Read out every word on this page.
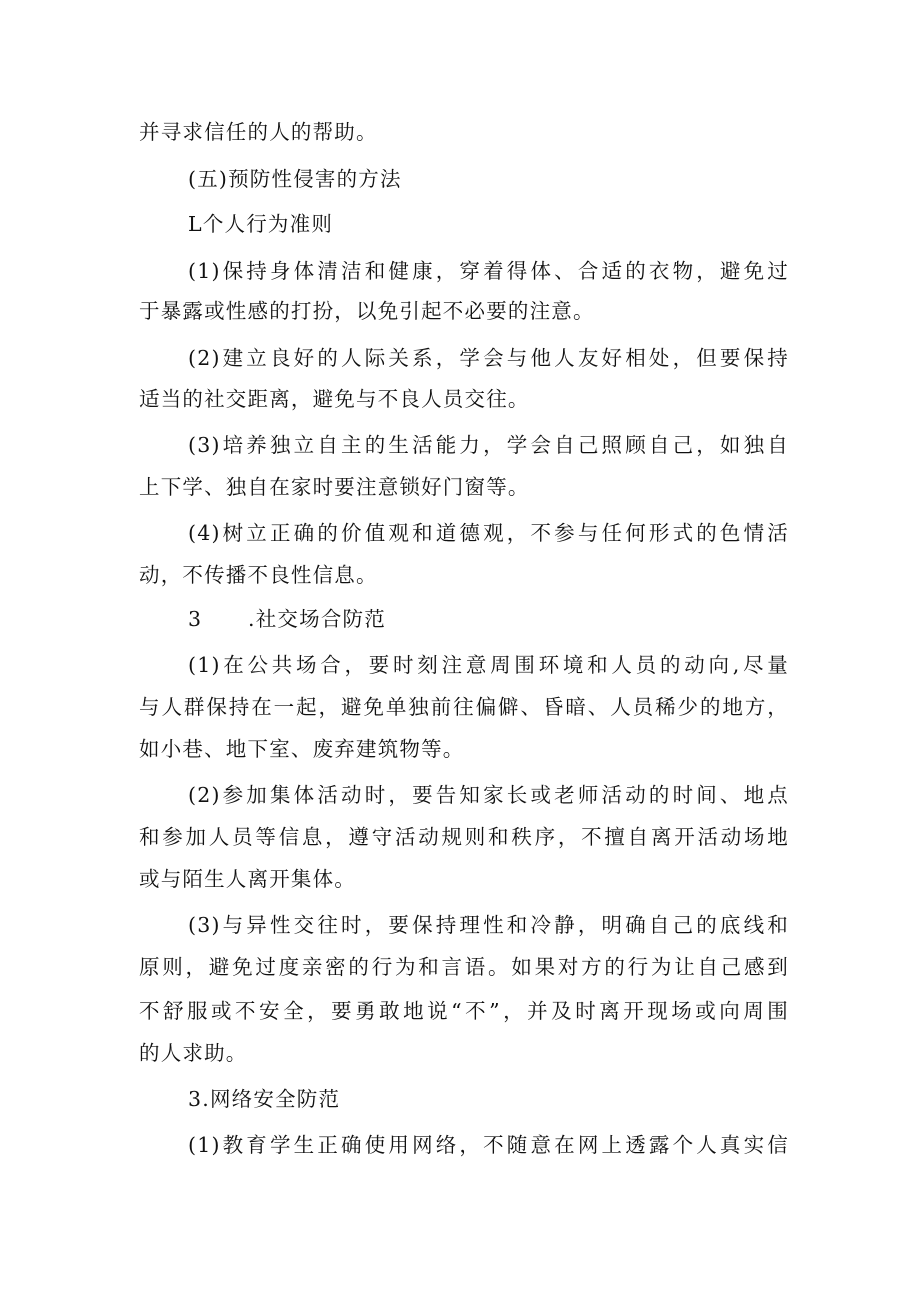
并寻求信任的人的帮助。
(五)预防性侵害的方法
L个人行为准则
(1)保持身体清洁和健康，穿着得体、合适的衣物，避免过
于暴露或性感的打扮，以免引起不必要的注意。
(2)建立良好的人际关系，学会与他人友好相处，但要保持
适当的社交距离，避免与不良人员交往。
(3)培养独立自主的生活能力，学会自己照顾自己，如独自
上下学、独自在家时要注意锁好门窗等。
(4)树立正确的价值观和道德观，不参与任何形式的色情活
动，不传播不良性信息。
3 .社交场合防范
(1)在公共场合，要时刻注意周围环境和人员的动向,尽量
与人群保持在一起，避免单独前往偏僻、昏暗、人员稀少的地方，
如小巷、地下室、废弃建筑物等。
(2)参加集体活动时，要告知家长或老师活动的时间、地点
和参加人员等信息，遵守活动规则和秩序，不擅自离开活动场地
或与陌生人离开集体。
(3)与异性交往时，要保持理性和冷静，明确自己的底线和
原则，避免过度亲密的行为和言语。如果对方的行为让自己感到
不舒服或不安全，要勇敢地说“不”，并及时离开现场或向周围
的人求助。
3.网络安全防范
(1)教育学生正确使用网络，不随意在网上透露个人真实信
